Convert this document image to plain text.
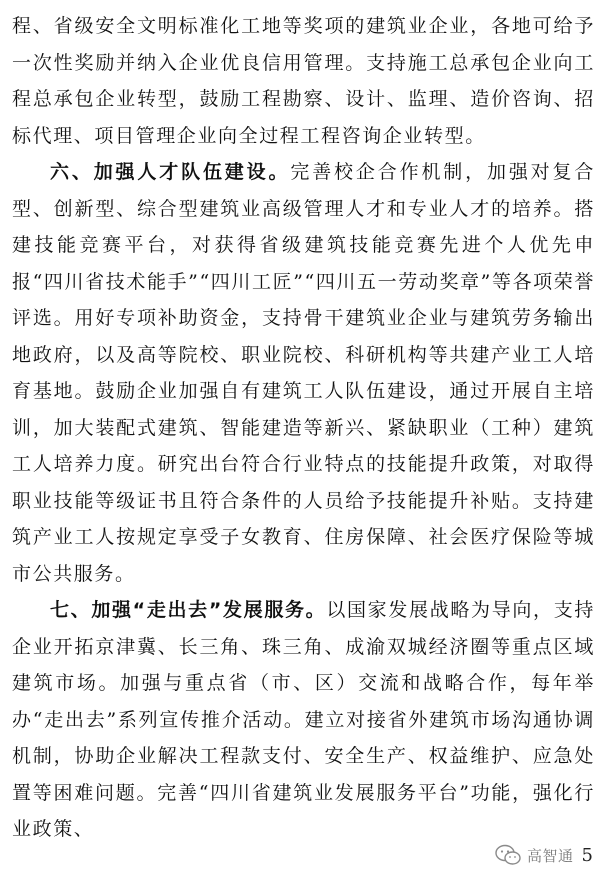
程、省级安全文明标准化工地等奖项的建筑业企业，各地可给予一次性奖励并纳入企业优良信用管理。支持施工总承包企业向工程总承包企业转型，鼓励工程勘察、设计、监理、造价咨询、招标代理、项目管理企业向全过程工程咨询企业转型。

六、加强人才队伍建设。完善校企合作机制，加强对复合型、创新型、综合型建筑业高级管理人才和专业人才的培养。搭建技能竞赛平台，对获得省级建筑技能竞赛先进个人优先申报“四川省技术能手”“四川工匠”“四川五一劳动奖章”等各项荣誉评选。用好专项补助资金，支持骨干建筑业企业与建筑劳务输出地政府，以及高等院校、职业院校、科研机构等共建产业工人培育基地。鼓励企业加强自有建筑工人队伍建设，通过开展自主培训，加大装配式建筑、智能建造等新兴、紧缺职业（工种）建筑工人培养力度。研究出台符合行业特点的技能提升政策，对取得职业技能等级证书且符合条件的人员给予技能提升补贴。支持建筑产业工人按规定享受子女教育、住房保障、社会医疗保险等城市公共服务。

七、加强“走出去”发展服务。以国家发展战略为导向，支持企业开拓京津冀、长三角、珠三角、成渝双城经济圈等重点区域建筑市场。加强与重点省（市、区）交流和战略合作，每年举办“走出去”系列宣传推介活动。建立对接省外建筑市场沟通协调机制，协助企业解决工程款支付、安全生产、权益维护、应急处置等困难问题。完善“四川省建筑业发展服务平台”功能，强化行业政策、

高智通 5
